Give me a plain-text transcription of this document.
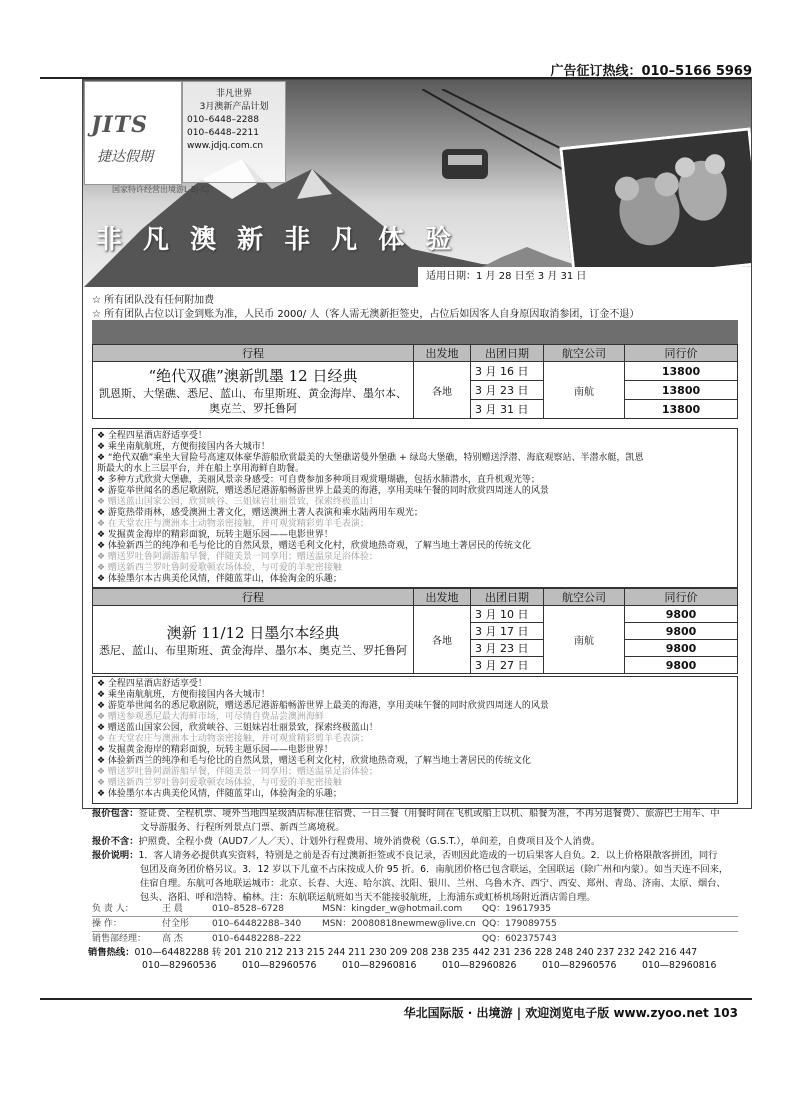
广告征订热线：010–5166 5969
JITS
捷达假期
非凡世界
3月澳新产品计划
010–6448–2288
010–6448–2211
www.jdjq.com.cn
国家特许经营出境游L-BJ-CJ
非 凡 澳 新 非 凡 体 验
适用日期：1 月 28 日至 3 月 31 日
☆ 所有团队没有任何附加费
☆ 所有团队占位以订金到账为准，人民币 2000/ 人（客人需无澳新拒签史，占位后如因客人自身原因取消参团，订金不退）
行程	出发地	出团日期	航空公司	同行价

“绝代双礁”澳新凯墨 12 日经典
凯恩斯、大堡礁、悉尼、蓝山、布里斯班、黄金海岸、墨尔本、奥克兰、罗托鲁阿	各地	3 月 16 日	南航	13800
		3 月 23 日		13800
		3 月 31 日		13800
❖ 全程四星酒店舒适享受！
❖ 乘坐南航航班，方便衔接国内各大城市！
❖ “绝代双礁”乘坐大冒险号高速双体豪华游船欣赏最美的大堡礁诺曼外堡礁 + 绿岛大堡礁，特别赠送浮潜、海底观察站、半潜水艇，凯恩
斯最大的水上三层平台，并在船上享用海鲜自助餐。
❖ 多种方式欣赏大堡礁，美丽风景亲身感受：可自费参加多种项目观赏珊瑚礁，包括水肺潜水，直升机观光等；
❖ 游览举世闻名的悉尼歌剧院，赠送悉尼港游船畅游世界上最美的海港，享用美味午餐的同时欣赏四周迷人的风景
❖ 赠送蓝山国家公园，欣赏峡谷、三姐妹岩壮丽景致，探索终极蓝山！
❖ 游览热带雨林，感受澳洲土著文化，赠送澳洲土著人表演和乘水陆两用车观光；
❖ 在天堂农庄与澳洲本土动物亲密接触，并可观赏精彩剪羊毛表演；
❖ 发掘黄金海岸的精彩面貌，玩转主题乐园——电影世界！
❖ 体验新西兰的纯净和毛与伦比的自然风景，赠送毛利文化村，欣赏地热奇观，了解当地土著居民的传统文化
❖ 赠送罗吐鲁阿湖游船早餐，伴随美景一同享用；赠送温泉足浴体验；
❖ 赠送新西兰罗吐鲁阿爱歌顿农场体验，与可爱的羊驼密接触
❖ 体验墨尔本古典美伦风情，伴随蓝芽山，体验淘金的乐趣；
行程	出发地	出团日期	航空公司	同行价

澳新 11/12 日墨尔本经典
悉尼、蓝山、布里斯班、黄金海岸、墨尔本、奥克兰、罗托鲁阿	各地	3 月 10 日	南航	9800
		3 月 17 日		9800
		3 月 23 日		9800
		3 月 27 日		9800
❖ 全程四星酒店舒适享受！
❖ 乘坐南航航班，方便衔接国内各大城市！
❖ 游览举世闻名的悉尼歌剧院，赠送悉尼港游船畅游世界上最美的海港，享用美味午餐的同时欣赏四周迷人的风景
❖ 赠送参观悉尼最大海鲜市场，可尽情自费品尝澳洲海鲜
❖ 赠送蓝山国家公园，欣赏峡谷、三姐妹岩壮丽景致，探索终极蓝山！
❖ 在天堂农庄与澳洲本土动物亲密接触，并可观赏精彩剪羊毛表演；
❖ 发掘黄金海岸的精彩面貌，玩转主题乐园——电影世界！
❖ 体验新西兰的纯净和毛与伦比的自然风景，赠送毛利文化村，欣赏地热奇观，了解当地土著居民的传统文化
❖ 赠送罗吐鲁阿湖游船早餐，伴随美景一同享用；赠送温泉足浴体验；
❖ 赠送新西兰罗吐鲁阿爱歌顿农场体验，与可爱的羊驼密接触
❖ 体验墨尔本古典美伦风情，伴随蓝芽山，体验淘金的乐趣；
报价包含：签证费、全程机票、境外当地四星级酒店标准住宿费、一日三餐（用餐时间在飞机或船上以机、船餐为准，不再另退餐费）、旅游巴士用车、中
文导游服务、行程所列景点门票、新西兰离境税。
报价不含：护照费、全程小费（AUD7／人／天）、计划外行程费用、境外消费税（G.S.T.），单间差，自费项目及个人消费。
报价说明：1．客人请务必提供真实资料，特别是之前是否有过澳新拒签或不良记录，否则因此造成的一切后果客人自负。2．以上价格限散客拼团，同行
包团及商务团价格另议。3．12 岁以下儿童不占床按成人价 95 折。6．南航团价格已包含联运，全国联运（除广州和内蒙）。如当天连不回来，
住宿自理。东航可各地联运城市：北京、长春、大连、哈尔滨、沈阳、银川、兰州、乌鲁木齐、西宁、西安、郑州、青岛、济南、太原、烟台、
包头、洛阳、呼和浩特、榆林。注：东航联运航班如当天不能接驳航班，上海浦东或虹桥机场附近酒店需自理。
负 责 人：	王 晨	010–8528–6728	MSN：kingder_w@hotmail.com	QQ：19617935
操 作：	付全彤	010–64482288–340	MSN：20080818newmew@live.cn QQ：179089755
销售部经理：	高 杰	010–64482288–222	QQ：602375743
销售热线：010—64482288 转 201 210 212 213 215 244 211 230 209 208 238 235 442 231 236 228 248 240 237 232 242 216 447
010—82960536	010—82960576	010—82960816	010—82960826	010—82960576	010—82960816
华北国际版 · 出境游 | 欢迎浏览电子版 www.zyoo.net 103
